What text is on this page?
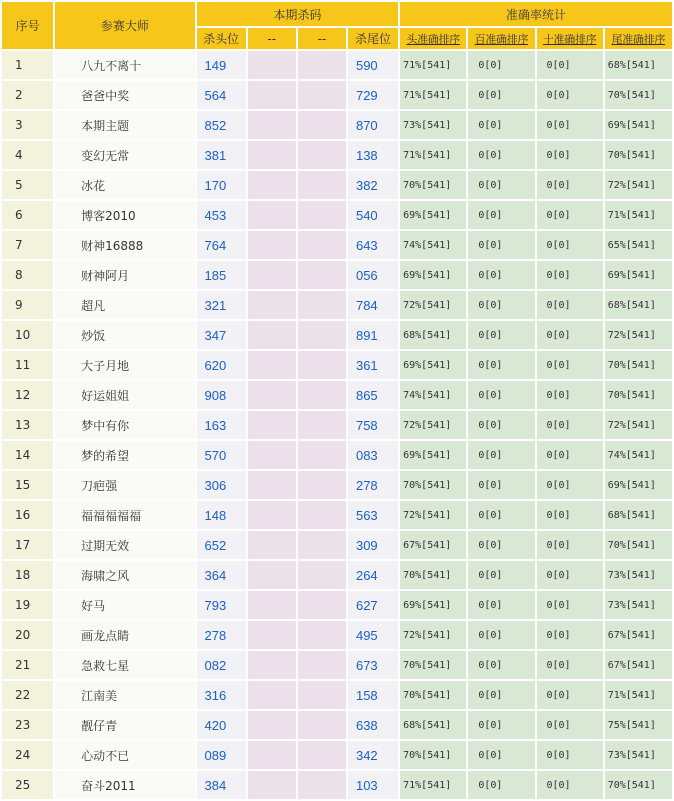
序号	参赛大师	本期杀码				准确率统计			
		杀头位	--	--	杀尾位	头准确排序	百准确排序	十准确排序	尾准确排序
1	八九不离十	149			590	71%[541]	0[0]	0[0]	68%[541]
2	爸爸中奖	564			729	71%[541]	0[0]	0[0]	70%[541]
3	本期主题	852			870	73%[541]	0[0]	0[0]	69%[541]
4	变幻无常	381			138	71%[541]	0[0]	0[0]	70%[541]
5	冰花	170			382	70%[541]	0[0]	0[0]	72%[541]
6	博客2010	453			540	69%[541]	0[0]	0[0]	71%[541]
7	财神16888	764			643	74%[541]	0[0]	0[0]	65%[541]
8	财神阿月	185			056	69%[541]	0[0]	0[0]	69%[541]
9	超凡	321			784	72%[541]	0[0]	0[0]	68%[541]
10	炒饭	347			891	68%[541]	0[0]	0[0]	72%[541]
11	大子月地	620			361	69%[541]	0[0]	0[0]	70%[541]
12	好运姐姐	908			865	74%[541]	0[0]	0[0]	70%[541]
13	梦中有你	163			758	72%[541]	0[0]	0[0]	72%[541]
14	梦的希望	570			083	69%[541]	0[0]	0[0]	74%[541]
15	刀疤强	306			278	70%[541]	0[0]	0[0]	69%[541]
16	福福福福福	148			563	72%[541]	0[0]	0[0]	68%[541]
17	过期无效	652			309	67%[541]	0[0]	0[0]	70%[541]
18	海啸之风	364			264	70%[541]	0[0]	0[0]	73%[541]
19	好马	793			627	69%[541]	0[0]	0[0]	73%[541]
20	画龙点睛	278			495	72%[541]	0[0]	0[0]	67%[541]
21	急救七星	082			673	70%[541]	0[0]	0[0]	67%[541]
22	江南美	316			158	70%[541]	0[0]	0[0]	71%[541]
23	靓仔青	420			638	68%[541]	0[0]	0[0]	75%[541]
24	心动不已	089			342	70%[541]	0[0]	0[0]	73%[541]
25	奋斗2011	384			103	71%[541]	0[0]	0[0]	70%[541]
